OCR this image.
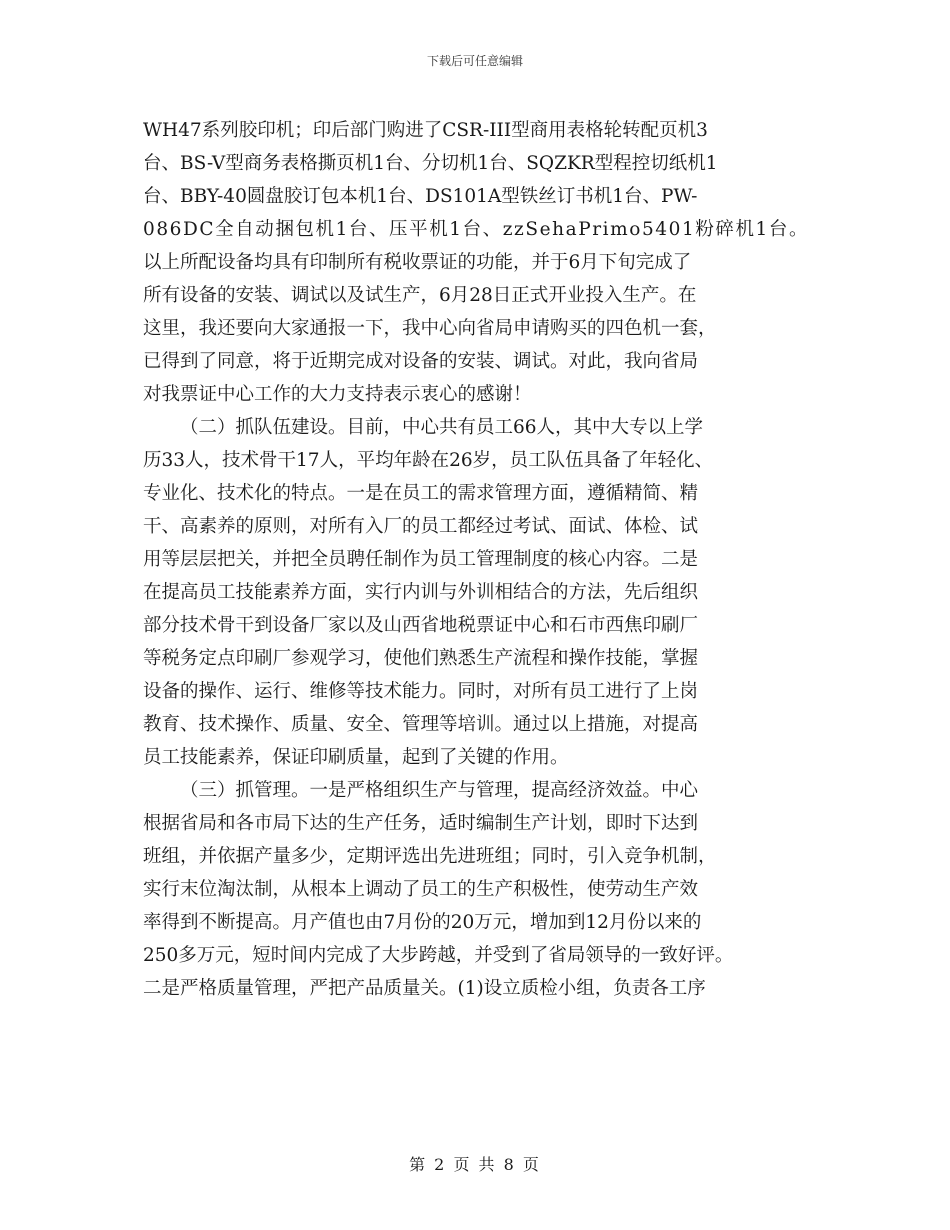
下载后可任意编辑
WH47系列胶印机；印后部门购进了CSR-III型商用表格轮转配页机3
台、BS-V型商务表格撕页机1台、分切机1台、SQZKR型程控切纸机1
台、BBY-40圆盘胶订包本机1台、DS101A型铁丝订书机1台、PW-
086DC全自动捆包机1台、压平机1台、zzSehaPrimo5401粉碎机1台。
以上所配设备均具有印制所有税收票证的功能，并于6月下旬完成了
所有设备的安装、调试以及试生产，6月28日正式开业投入生产。在
这里，我还要向大家通报一下，我中心向省局申请购买的四色机一套，
已得到了同意，将于近期完成对设备的安装、调试。对此，我向省局
对我票证中心工作的大力支持表示衷心的感谢！
（二）抓队伍建设。目前，中心共有员工66人，其中大专以上学
历33人，技术骨干17人，平均年龄在26岁，员工队伍具备了年轻化、
专业化、技术化的特点。一是在员工的需求管理方面，遵循精简、精
干、高素养的原则，对所有入厂的员工都经过考试、面试、体检、试
用等层层把关，并把全员聘任制作为员工管理制度的核心内容。二是
在提高员工技能素养方面，实行内训与外训相结合的方法，先后组织
部分技术骨干到设备厂家以及山西省地税票证中心和石市西焦印刷厂
等税务定点印刷厂参观学习，使他们熟悉生产流程和操作技能，掌握
设备的操作、运行、维修等技术能力。同时，对所有员工进行了上岗
教育、技术操作、质量、安全、管理等培训。通过以上措施，对提高
员工技能素养，保证印刷质量，起到了关键的作用。
（三）抓管理。一是严格组织生产与管理，提高经济效益。中心
根据省局和各市局下达的生产任务，适时编制生产计划，即时下达到
班组，并依据产量多少，定期评选出先进班组；同时，引入竞争机制，
实行末位淘汰制，从根本上调动了员工的生产积极性，使劳动生产效
率得到不断提高。月产值也由7月份的20万元，增加到12月份以来的
250多万元，短时间内完成了大步跨越，并受到了省局领导的一致好评。
二是严格质量管理，严把产品质量关。(1)设立质检小组，负责各工序
第 2 页 共 8 页
